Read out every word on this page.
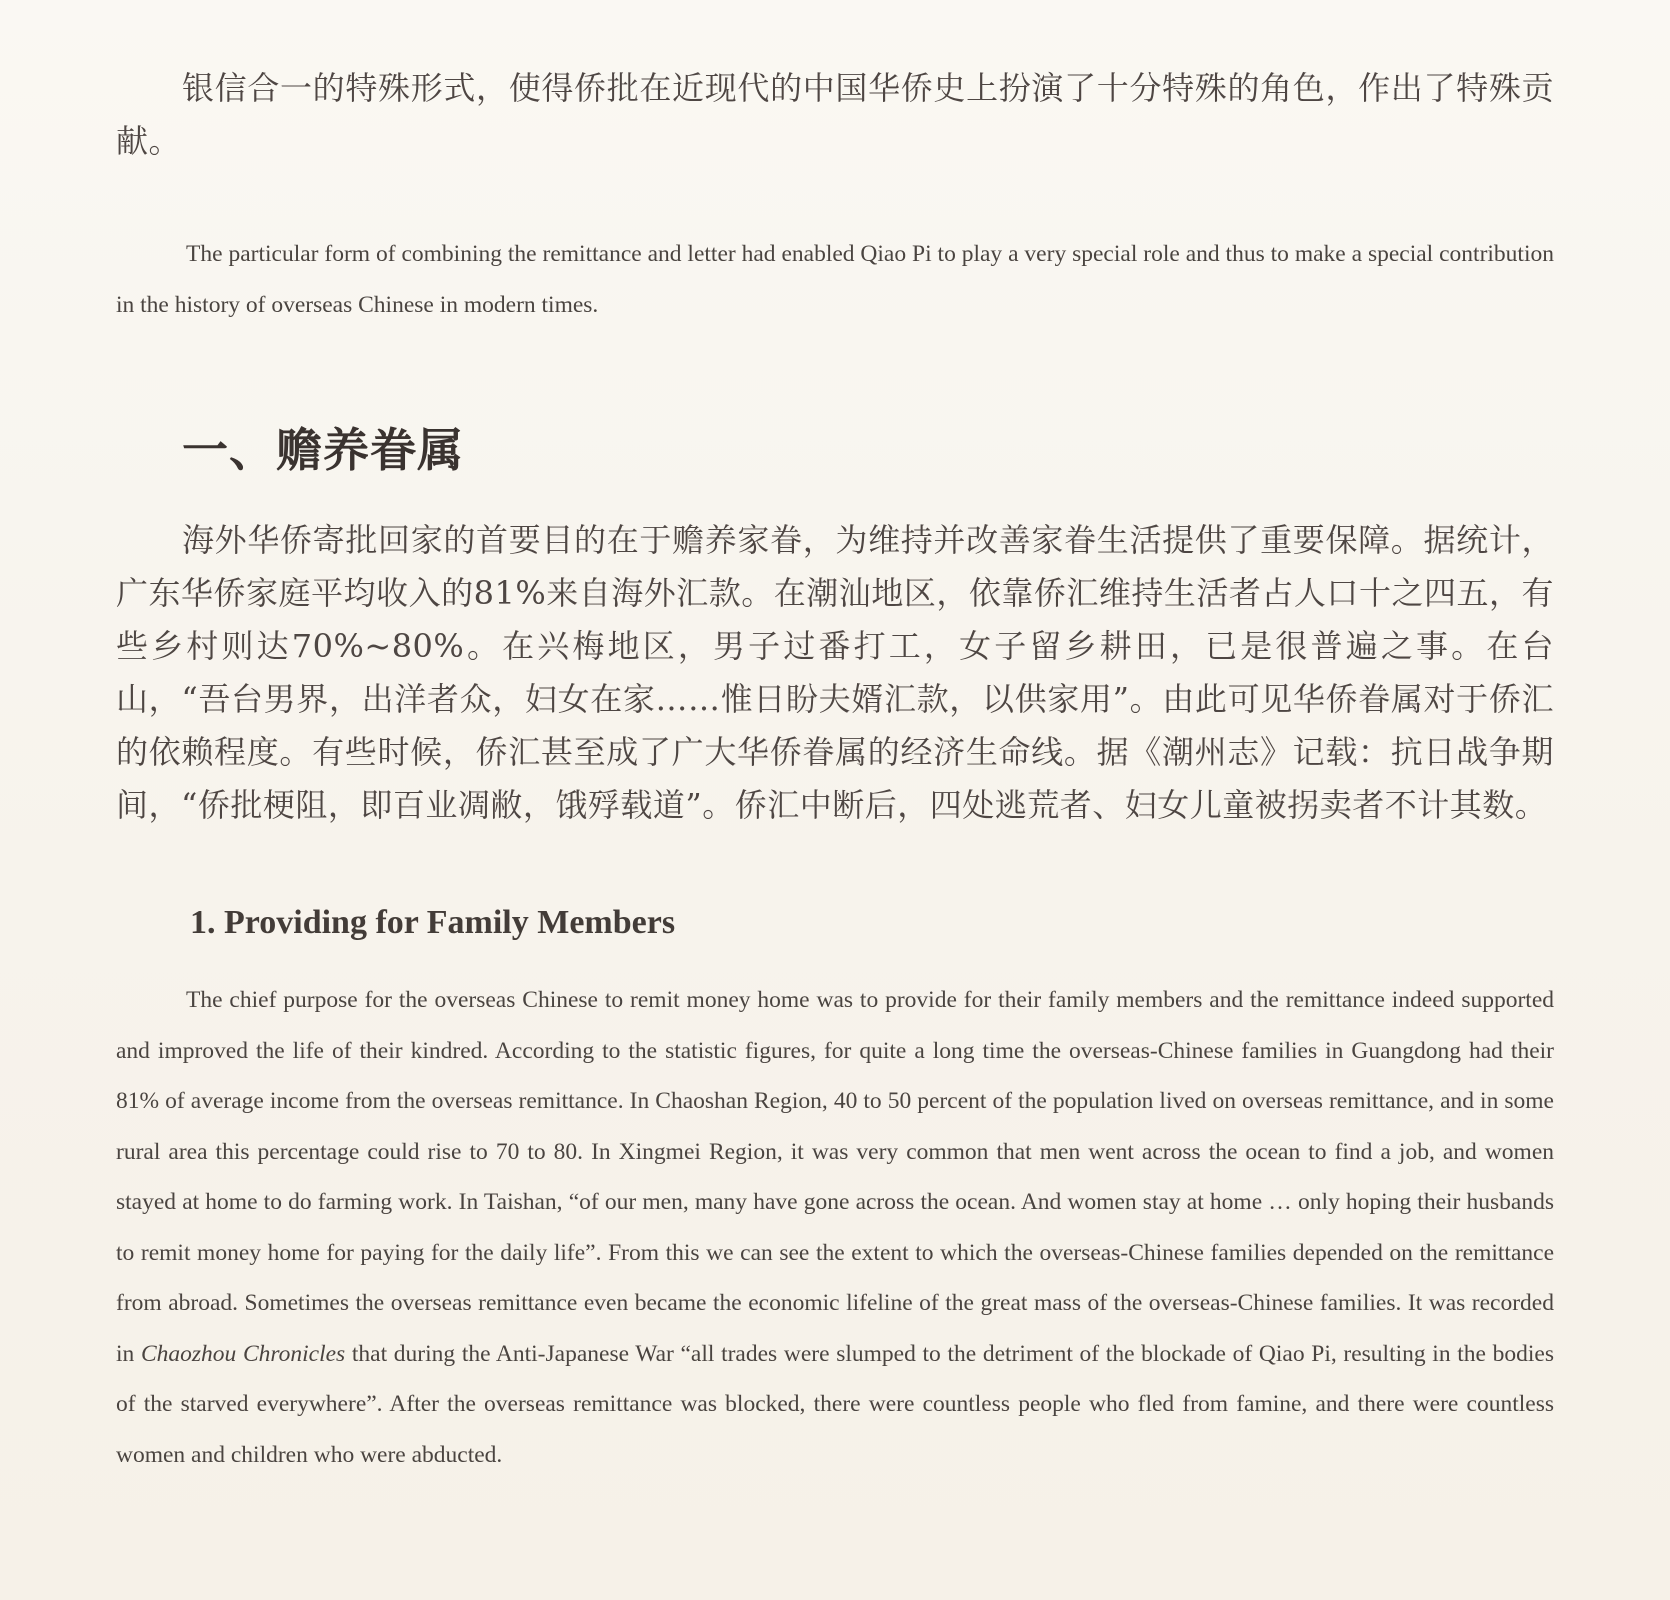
银信合一的特殊形式，使得侨批在近现代的中国华侨史上扮演了十分特殊的角色，作出了特殊贡献。

The particular form of combining the remittance and letter had enabled Qiao Pi to play a very special role and thus to make a special contribution in the history of overseas Chinese in modern times.

一、赡养眷属

海外华侨寄批回家的首要目的在于赡养家眷，为维持并改善家眷生活提供了重要保障。据统计，广东华侨家庭平均收入的81%来自海外汇款。在潮汕地区，依靠侨汇维持生活者占人口十之四五，有些乡村则达70%~80%。在兴梅地区，男子过番打工，女子留乡耕田，已是很普遍之事。在台山，“吾台男界，出洋者众，妇女在家……惟日盼夫婿汇款，以供家用”。由此可见华侨眷属对于侨汇的依赖程度。有些时候，侨汇甚至成了广大华侨眷属的经济生命线。据《潮州志》记载：抗日战争期间，“侨批梗阻，即百业凋敝，饿殍载道”。侨汇中断后，四处逃荒者、妇女儿童被拐卖者不计其数。

1. Providing for Family Members

The chief purpose for the overseas Chinese to remit money home was to provide for their family members and the remittance indeed supported and improved the life of their kindred. According to the statistic figures, for quite a long time the overseas-Chinese families in Guangdong had their 81% of average income from the overseas remittance. In Chaoshan Region, 40 to 50 percent of the population lived on overseas remittance, and in some rural area this percentage could rise to 70 to 80. In Xingmei Region, it was very common that men went across the ocean to find a job, and women stayed at home to do farming work. In Taishan, “of our men, many have gone across the ocean. And women stay at home … only hoping their husbands to remit money home for paying for the daily life”. From this we can see the extent to which the overseas-Chinese families depended on the remittance from abroad. Sometimes the overseas remittance even became the economic lifeline of the great mass of the overseas-Chinese families. It was recorded in Chaozhou Chronicles that during the Anti-Japanese War “all trades were slumped to the detriment of the blockade of Qiao Pi, resulting in the bodies of the starved everywhere”. After the overseas remittance was blocked, there were countless people who fled from famine, and there were countless women and children who were abducted.
